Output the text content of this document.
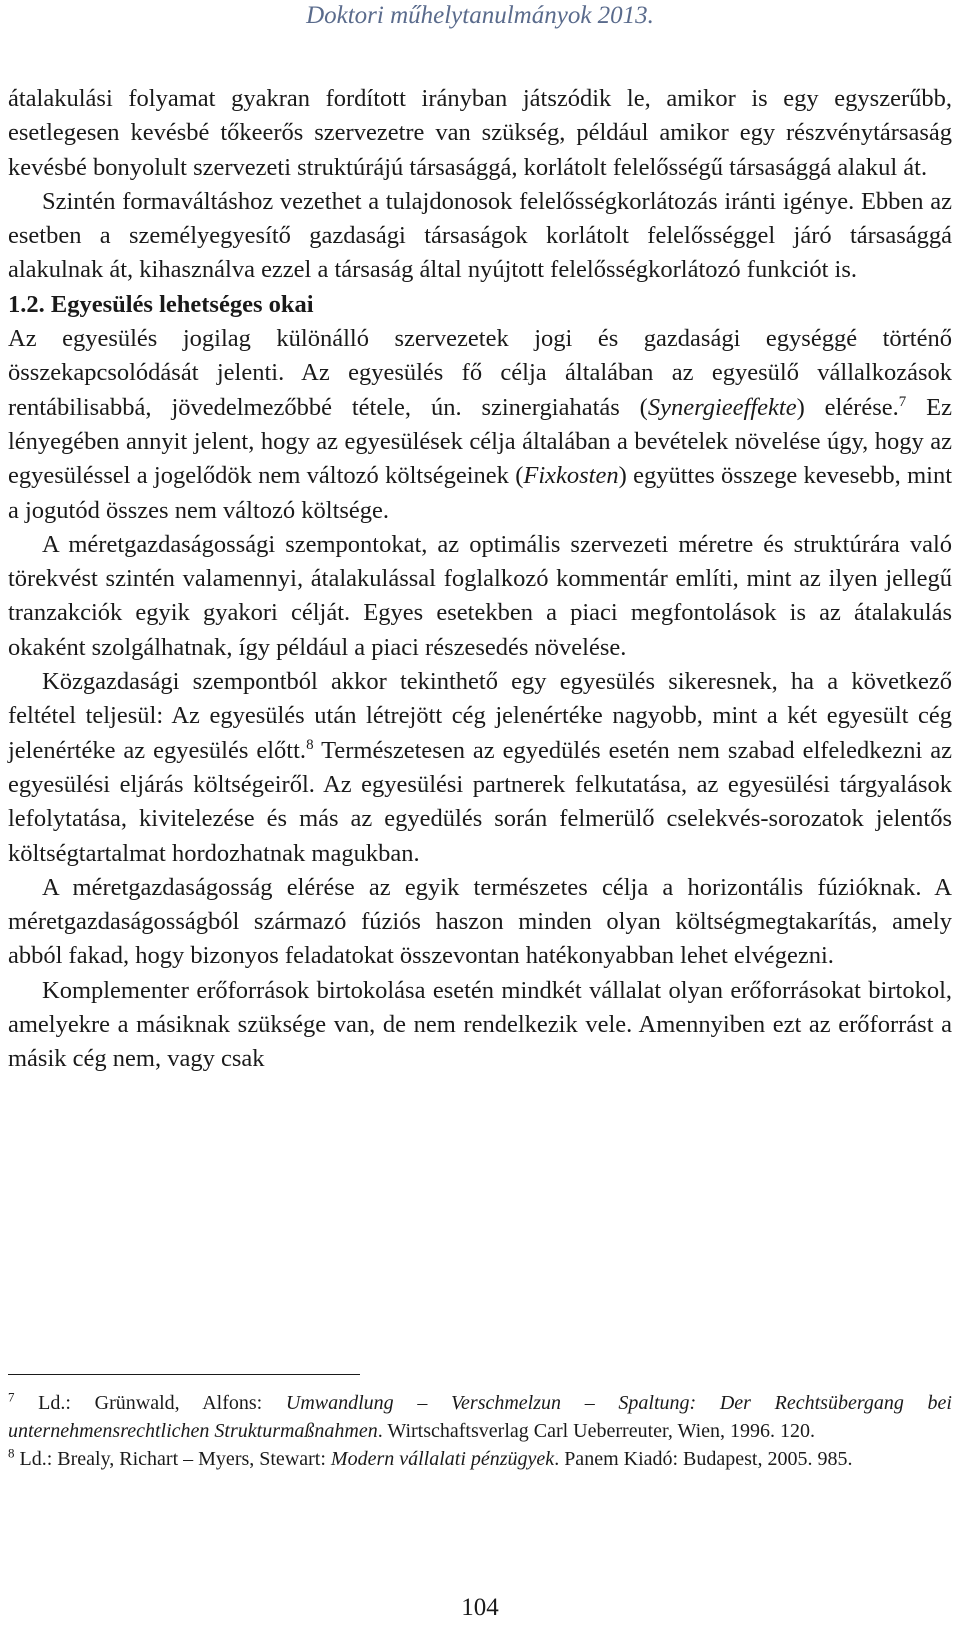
Doktori műhelytanulmányok 2013.

átalakulási folyamat gyakran fordított irányban játszódik le, amikor is egy egyszerűbb, esetlegesen kevésbé tőkeerős szervezetre van szükség, például amikor egy részvénytársaság kevésbé bonyolult szervezeti struktúrájú társasággá, korlátolt felelősségű társasággá alakul át.

Szintén formaváltáshoz vezethet a tulajdonosok felelősségkorlátozás iránti igénye. Ebben az esetben a személyegyesítő gazdasági társaságok korlátolt felelősséggel járó társasággá alakulnak át, kihasználva ezzel a társaság által nyújtott felelősségkorlátozó funkciót is.

1.2. Egyesülés lehetséges okai

Az egyesülés jogilag különálló szervezetek jogi és gazdasági egységgé történő összekapcsolódását jelenti. Az egyesülés fő célja általában az egyesülő vállalkozások rentábilisabbá, jövedelmezőbbé tétele, ún. szinergiahatás (Synergieeffekte) elérése.$^7$ Ez lényegében annyit jelent, hogy az egyesülések célja általában a bevételek növelése úgy, hogy az egyesüléssel a jogelődök nem változó költségeinek (Fixkosten) együttes összege kevesebb, mint a jogutód összes nem változó költsége.

A méretgazdaságossági szempontokat, az optimális szervezeti méretre és struktúrára való törekvést szintén valamennyi, átalakulással foglalkozó kommentár említi, mint az ilyen jellegű tranzakciók egyik gyakori célját. Egyes esetekben a piaci megfontolások is az átalakulás okaként szolgálhatnak, így például a piaci részesedés növelése.

Közgazdasági szempontból akkor tekinthető egy egyesülés sikeresnek, ha a következő feltétel teljesül: Az egyesülés után létrejött cég jelenértéke nagyobb, mint a két egyesült cég jelenértéke az egyesülés előtt.$^8$ Természetesen az egyedülés esetén nem szabad elfeledkezni az egyesülési eljárás költségeiről. Az egyesülési partnerek felkutatása, az egyesülési tárgyalások lefolytatása, kivitelezése és más az egyedülés során felmerülő cselekvés-sorozatok jelentős költségtartalmat hordozhatnak magukban.

A méretgazdaságosság elérése az egyik természetes célja a horizontális fúzióknak. A méretgazdaságosságból származó fúziós haszon minden olyan költségmegtakarítás, amely abból fakad, hogy bizonyos feladatokat összevontan hatékonyabban lehet elvégezni.

Komplementer erőforrások birtokolása esetén mindkét vállalat olyan erőforrásokat birtokol, amelyekre a másiknak szüksége van, de nem rendelkezik vele. Amennyiben ezt az erőforrást a másik cég nem, vagy csak

$^7$ Ld.: Grünwald, Alfons: Umwandlung – Verschmelzun – Spaltung: Der Rechtsübergang bei unternehmensrechtlichen Strukturmaßnahmen. Wirtschaftsverlag Carl Ueberreuter, Wien, 1996. 120.

$^8$ Ld.: Brealy, Richart – Myers, Stewart: Modern vállalati pénzügyek. Panem Kiadó: Budapest, 2005. 985.

104
